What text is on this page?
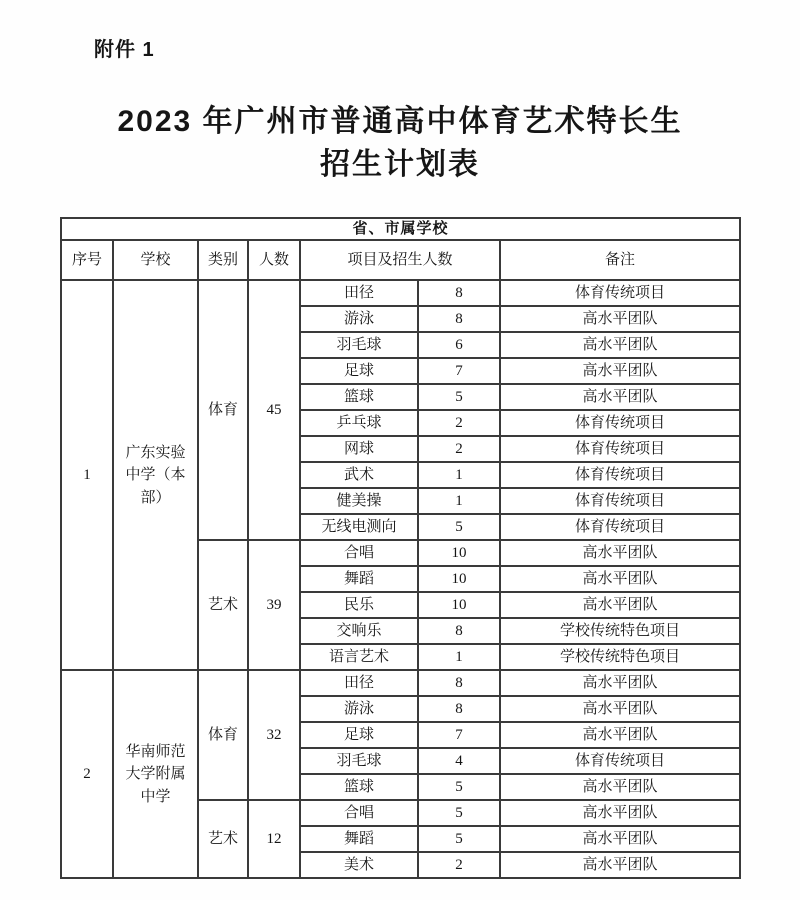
附件 1
2023 年广州市普通高中体育艺术特长生
招生计划表
省、市属学校						
序号	学校	类别	人数	项目及招生人数		备注
1	广东实验中学（本部）	体育	45	田径	8	体育传统项目
				游泳	8	高水平团队
				羽毛球	6	高水平团队
				足球	7	高水平团队
				篮球	5	高水平团队
				乒乓球	2	体育传统项目
				网球	2	体育传统项目
				武术	1	体育传统项目
				健美操	1	体育传统项目
				无线电测向	5	体育传统项目
		艺术	39	合唱	10	高水平团队
				舞蹈	10	高水平团队
				民乐	10	高水平团队
				交响乐	8	学校传统特色项目
				语言艺术	1	学校传统特色项目
2	华南师范大学附属中学	体育	32	田径	8	高水平团队
				游泳	8	高水平团队
				足球	7	高水平团队
				羽毛球	4	体育传统项目
				篮球	5	高水平团队
		艺术	12	合唱	5	高水平团队
				舞蹈	5	高水平团队
				美术	2	高水平团队
